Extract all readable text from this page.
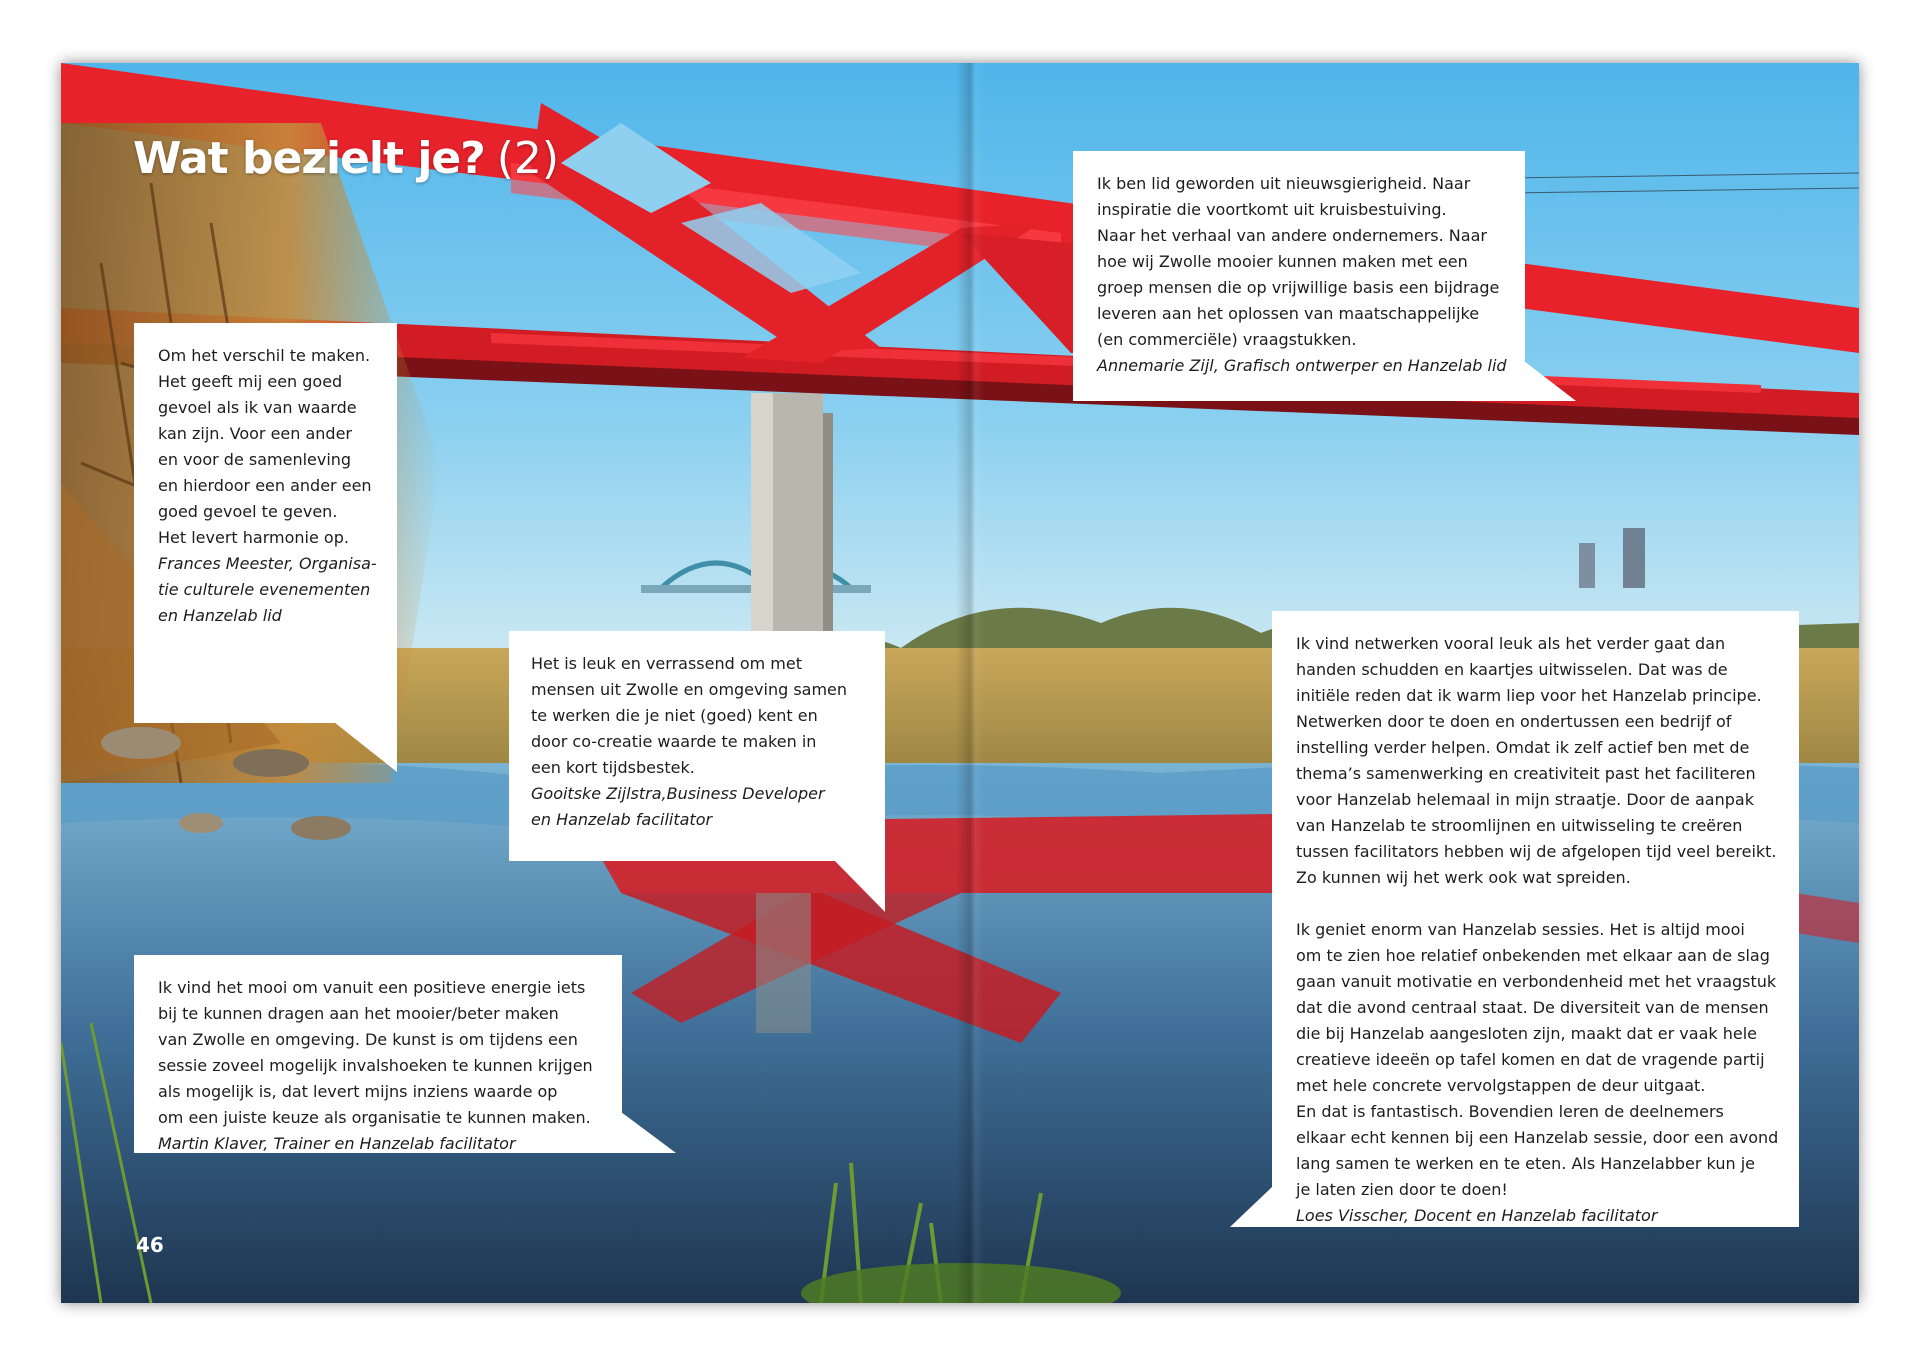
Wat bezielt je? (2)

Om het verschil te maken.
Het geeft mij een goed
gevoel als ik van waarde
kan zijn. Voor een ander
en voor de samenleving
en hierdoor een ander een
goed gevoel te geven.
Het levert harmonie op.

Frances Meester, Organisa-
tie culturele evenementen
en Hanzelab lid

Het is leuk en verrassend om met
mensen uit Zwolle en omgeving samen
te werken die je niet (goed) kent en
door co-creatie waarde te maken in
een kort tijdsbestek.

Gooitske Zijlstra,Business Developer
en Hanzelab facilitator

Ik vind het mooi om vanuit een positieve energie iets
bij te kunnen dragen aan het mooier/beter maken
van Zwolle en omgeving. De kunst is om tijdens een
sessie zoveel mogelijk invalshoeken te kunnen krijgen
als mogelijk is, dat levert mijns inziens waarde op
om een juiste keuze als organisatie te kunnen maken.

Martin Klaver, Trainer en Hanzelab facilitator

Ik ben lid geworden uit nieuwsgierigheid. Naar
inspiratie die voortkomt uit kruisbestuiving.
Naar het verhaal van andere ondernemers. Naar
hoe wij Zwolle mooier kunnen maken met een
groep mensen die op vrijwillige basis een bijdrage
leveren aan het oplossen van maatschappelijke
(en commerciële) vraagstukken.

Annemarie Zijl, Grafisch ontwerper en Hanzelab lid

Ik vind netwerken vooral leuk als het verder gaat dan
handen schudden en kaartjes uitwisselen. Dat was de
initiële reden dat ik warm liep voor het Hanzelab principe.
Netwerken door te doen en ondertussen een bedrijf of
instelling verder helpen. Omdat ik zelf actief ben met de
thema’s samenwerking en creativiteit past het faciliteren
voor Hanzelab helemaal in mijn straatje. Door de aanpak
van Hanzelab te stroomlijnen en uitwisseling te creëren
tussen facilitators hebben wij de afgelopen tijd veel bereikt.
Zo kunnen wij het werk ook wat spreiden.

Ik geniet enorm van Hanzelab sessies. Het is altijd mooi
om te zien hoe relatief onbekenden met elkaar aan de slag
gaan vanuit motivatie en verbondenheid met het vraagstuk
dat die avond centraal staat. De diversiteit van de mensen
die bij Hanzelab aangesloten zijn, maakt dat er vaak hele
creatieve ideeën op tafel komen en dat de vragende partij
met hele concrete vervolgstappen de deur uitgaat.
En dat is fantastisch. Bovendien leren de deelnemers
elkaar echt kennen bij een Hanzelab sessie, door een avond
lang samen te werken en te eten. Als Hanzelabber kun je
je laten zien door te doen!

Loes Visscher, Docent en Hanzelab facilitator

46
